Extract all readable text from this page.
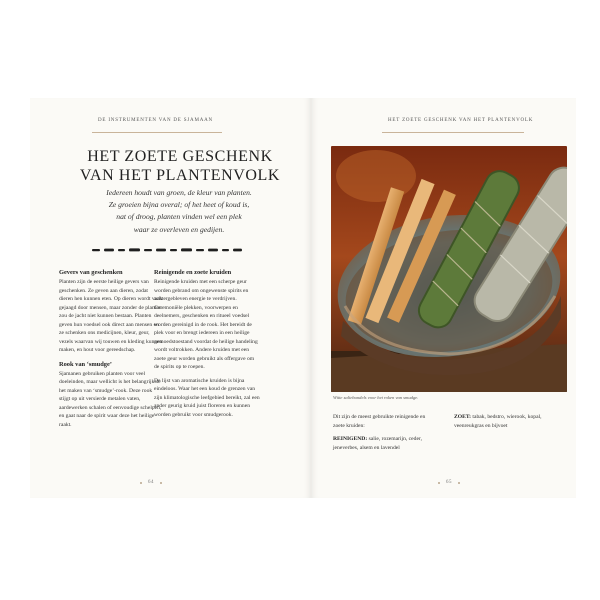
DE INSTRUMENTEN VAN DE SJAMAAN	HET ZOETE GESCHENK VAN HET PLANTENVOLK
HET ZOETE GESCHENK
VAN HET PLANTENVOLK
Iedereen houdt van groen, de kleur van planten.
Ze groeien bijna overal; of het heet of koud is,
nat of droog, planten vinden wel een plek
waar ze overleven en gedijen.
Gevers van geschenken
Planten zijn de eerste heilige gevers van geschenken. Ze geven aan dieren, zodat dieren hen kunnen eten. Op dieren wordt vaak gejaagd door mensen, maar zonder de planten zou de jacht niet kunnen bestaan. Planten geven hun voedsel ook direct aan mensen en ze schenken ons medicijnen, kleur, geur, vezels waarvan wij touwen en kleding kunnen maken, en hout voor gereedschap.
Rook van ‘smudge’
Sjamanen gebruiken planten voor veel doeleinden, maar wellicht is het belangrijkste het maken van ‘smudge’-rook. Deze rook stijgt op uit versierde metalen vaten, aardewerken schalen of eenvoudige schelpen, en gaat naar de spirit waar deze het heilige raakt.
Reinigende en zoete kruiden
Reinigende kruiden met een scherpe geur worden gebrand om ongewenste spirits en achtergebleven energie te verdrijven. Ceremoniële plekken, voorwerpen en deelnemers, geschenken en ritueel voedsel worden gereinigd in de rook. Het bereidt de plek voor en brengt iedereen in een heilige gemoedstoestand voordat de heilige handeling wordt voltrokken. Andere kruiden met een zoete geur worden gebruikt als offergave om de spirits op te roepen.
De lijst van aromatische kruiden is bijna eindeloos. Waar het een koud de grenzen van zijn klimatologische leefgebied bereikt, zal een ander geurig kruid juist floreren en kunnen worden gebruikt voor smudgerook.
Witte saliebundels voor het roken van smudge.
Dit zijn de meest gebruikte reinigende en zoete kruiden:
REINIGEND: salie, rozemarijn, ceder, jeneverbes, alsem en lavendel
ZOET: tabak, bedstro, wierook, kopal, veenreukgras en bijvoet
64	65
